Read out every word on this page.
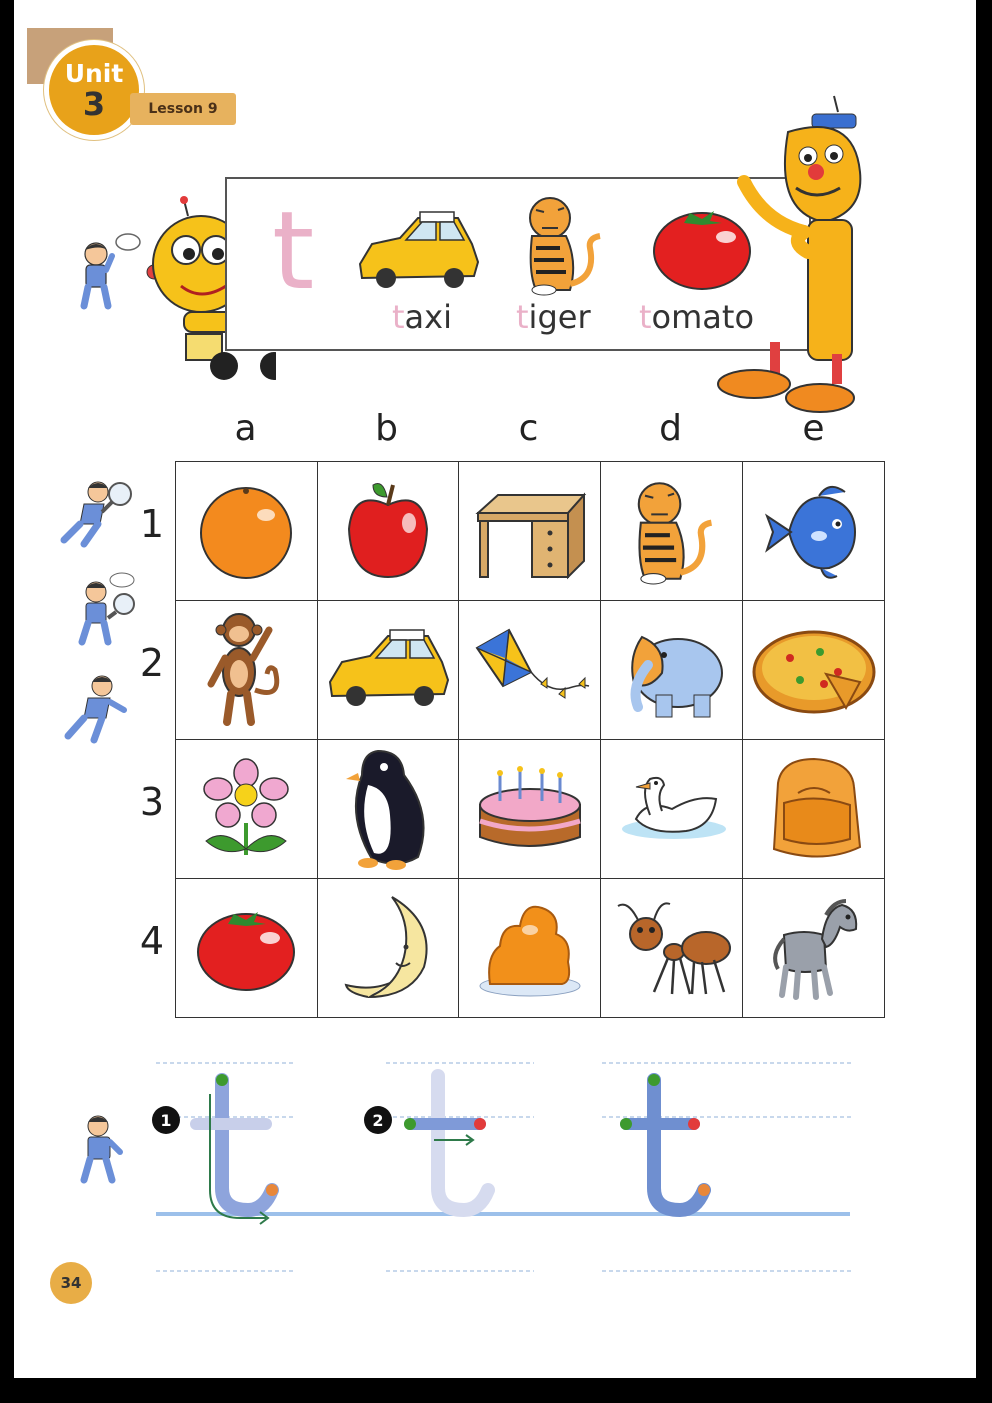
Unit
3	Lesson 9
t
taxi tiger tomato
a	b	c	d	e
1
2
3
4

1	2
34
